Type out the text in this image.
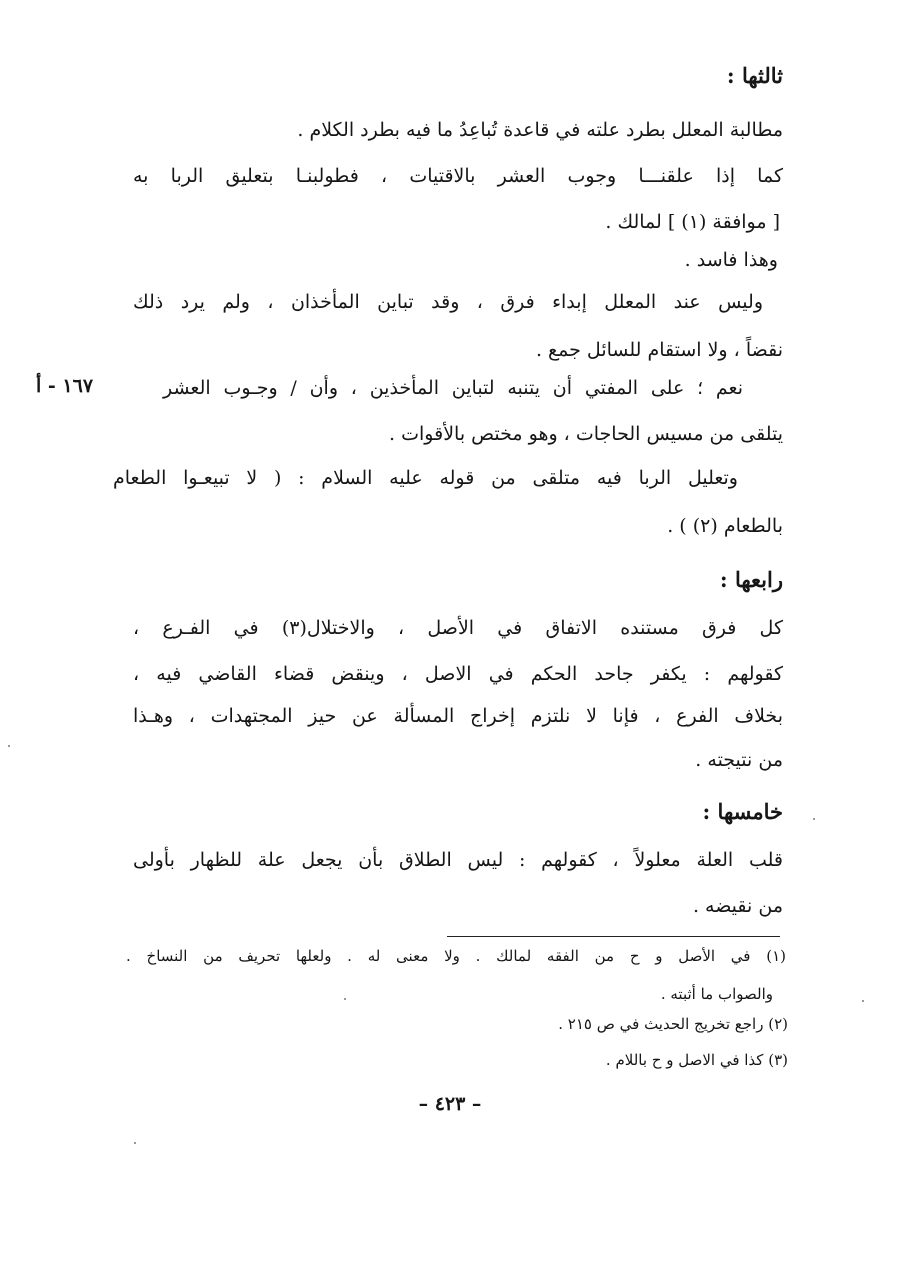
ثالثها :
مطالبة المعلل بطرد علته في قاعدة تُباعِدُ ما فيه بطرد الكلام .
كما إذا علقنـــا وجوب العشر بالاقتيات ، فطولبنـا بتعليق الربا به
[ موافقة (١) ] لمالك .
وهذا فاسد .
وليس عند المعلل إبداء فرق ، وقد تباين المأخذان ، ولم يرد ذلك
نقضاً ، ولا استقام للسائل جمع .
نعم ؛ على المفتي أن يتنبه لتباين المأخذين ، وأن / وجـوب العشر
يتلقى من مسيس الحاجات ، وهو مختص بالأقوات .
وتعليل الربا فيه متلقى من قوله عليه السلام : ( لا تبيعـوا الطعام
بالطعام (٢) ) .
١٦٧ - أ
رابعها :
كل فرق مستنده الاتفاق في الأصل ، والاختلال(٣) في الفـرع ،
كقولهم : يكفر جاحد الحكم في الاصل ، وينقض قضاء القاضي فيه ،
بخلاف الفرع ، فإنا لا نلتزم إخراج المسألة عن حيز المجتهدات ، وهـذا
من نتيجته .
خامسها :
قلب العلة معلولاً ، كقولهم : ليس الطلاق بأن يجعل علة للظهار بأولى
من نقيضه .
(١) في الأصل و ح من الفقه لمالك . ولا معنى له . ولعلها تحريف من النساخ .
والصواب ما أثبته .
(٢) راجع تخريج الحديث في ص ٢١٥ .
(٣) كذا في الاصل و ح باللام .
– ٤٢٣ –
